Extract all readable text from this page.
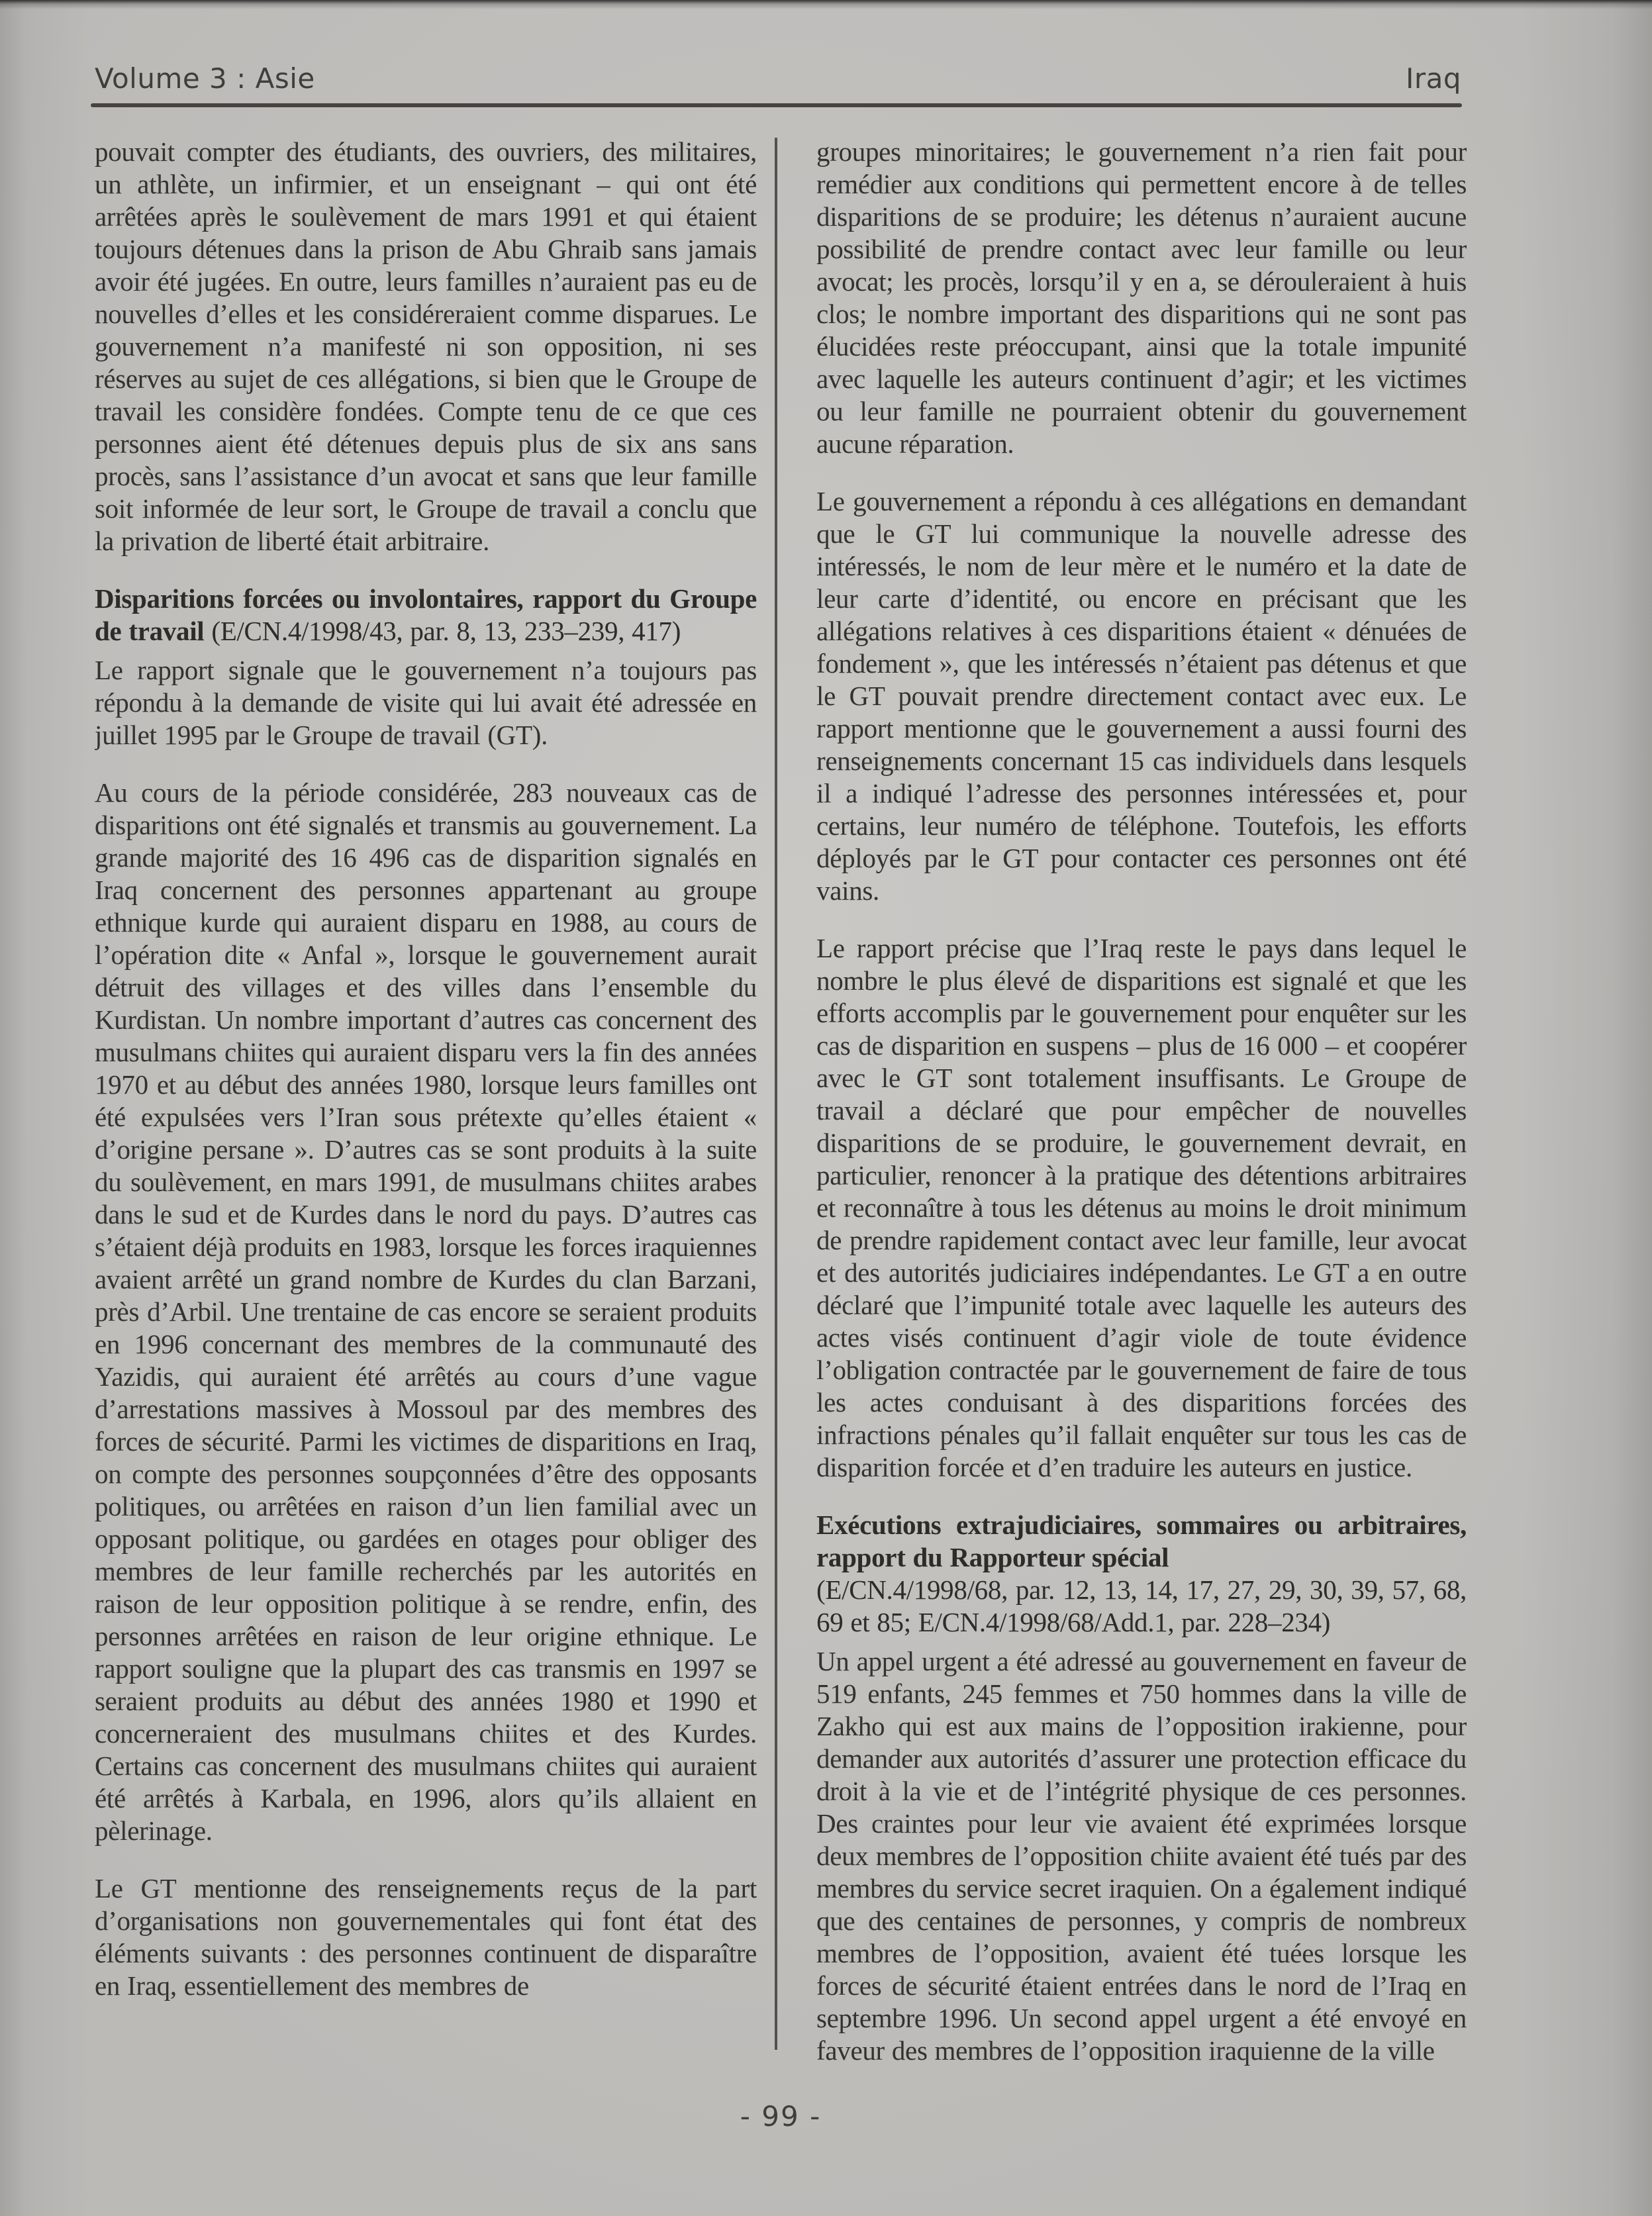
Volume 3 : Asie	Iraq

pouvait compter des étudiants, des ouvriers, des militaires, un athlète, un infirmier, et un enseignant – qui ont été arrêtées après le soulèvement de mars 1991 et qui étaient toujours détenues dans la prison de Abu Ghraib sans jamais avoir été jugées. En outre, leurs familles n’auraient pas eu de nouvelles d’elles et les considéreraient comme disparues. Le gouvernement n’a manifesté ni son opposition, ni ses réserves au sujet de ces allégations, si bien que le Groupe de travail les considère fondées. Compte tenu de ce que ces personnes aient été détenues depuis plus de six ans sans procès, sans l’assistance d’un avocat et sans que leur famille soit informée de leur sort, le Groupe de travail a conclu que la privation de liberté était arbitraire.

Disparitions forcées ou involontaires, rapport du Groupe de travail (E/CN.4/1998/43, par. 8, 13, 233–239, 417)

Le rapport signale que le gouvernement n’a toujours pas répondu à la demande de visite qui lui avait été adressée en juillet 1995 par le Groupe de travail (GT).

Au cours de la période considérée, 283 nouveaux cas de disparitions ont été signalés et transmis au gouvernement. La grande majorité des 16 496 cas de disparition signalés en Iraq concernent des personnes appartenant au groupe ethnique kurde qui auraient disparu en 1988, au cours de l’opération dite « Anfal », lorsque le gouvernement aurait détruit des villages et des villes dans l’ensemble du Kurdistan. Un nombre important d’autres cas concernent des musulmans chiites qui auraient disparu vers la fin des années 1970 et au début des années 1980, lorsque leurs familles ont été expulsées vers l’Iran sous prétexte qu’elles étaient « d’origine persane ». D’autres cas se sont produits à la suite du soulèvement, en mars 1991, de musulmans chiites arabes dans le sud et de Kurdes dans le nord du pays. D’autres cas s’étaient déjà produits en 1983, lorsque les forces iraquiennes avaient arrêté un grand nombre de Kurdes du clan Barzani, près d’Arbil. Une trentaine de cas encore se seraient produits en 1996 concernant des membres de la communauté des Yazidis, qui auraient été arrêtés au cours d’une vague d’arrestations massives à Mossoul par des membres des forces de sécurité. Parmi les victimes de disparitions en Iraq, on compte des personnes soupçonnées d’être des opposants politiques, ou arrêtées en raison d’un lien familial avec un opposant politique, ou gardées en otages pour obliger des membres de leur famille recherchés par les autorités en raison de leur opposition politique à se rendre, enfin, des personnes arrêtées en raison de leur origine ethnique. Le rapport souligne que la plupart des cas transmis en 1997 se seraient produits au début des années 1980 et 1990 et concerneraient des musulmans chiites et des Kurdes. Certains cas concernent des musulmans chiites qui auraient été arrêtés à Karbala, en 1996, alors qu’ils allaient en pèlerinage.

Le GT mentionne des renseignements reçus de la part d’organisations non gouvernementales qui font état des éléments suivants : des personnes continuent de disparaître en Iraq, essentiellement des membres de

groupes minoritaires; le gouvernement n’a rien fait pour remédier aux conditions qui permettent encore à de telles disparitions de se produire; les détenus n’auraient aucune possibilité de prendre contact avec leur famille ou leur avocat; les procès, lorsqu’il y en a, se dérouleraient à huis clos; le nombre important des disparitions qui ne sont pas élucidées reste préoccupant, ainsi que la totale impunité avec laquelle les auteurs continuent d’agir; et les victimes ou leur famille ne pourraient obtenir du gouvernement aucune réparation.

Le gouvernement a répondu à ces allégations en demandant que le GT lui communique la nouvelle adresse des intéressés, le nom de leur mère et le numéro et la date de leur carte d’identité, ou encore en précisant que les allégations relatives à ces disparitions étaient « dénuées de fondement », que les intéressés n’étaient pas détenus et que le GT pouvait prendre directement contact avec eux. Le rapport mentionne que le gouvernement a aussi fourni des renseignements concernant 15 cas individuels dans lesquels il a indiqué l’adresse des personnes intéressées et, pour certains, leur numéro de téléphone. Toutefois, les efforts déployés par le GT pour contacter ces personnes ont été vains.

Le rapport précise que l’Iraq reste le pays dans lequel le nombre le plus élevé de disparitions est signalé et que les efforts accomplis par le gouvernement pour enquêter sur les cas de disparition en suspens – plus de 16 000 – et coopérer avec le GT sont totalement insuffisants. Le Groupe de travail a déclaré que pour empêcher de nouvelles disparitions de se produire, le gouvernement devrait, en particulier, renoncer à la pratique des détentions arbitraires et reconnaître à tous les détenus au moins le droit minimum de prendre rapidement contact avec leur famille, leur avocat et des autorités judiciaires indépendantes. Le GT a en outre déclaré que l’impunité totale avec laquelle les auteurs des actes visés continuent d’agir viole de toute évidence l’obligation contractée par le gouvernement de faire de tous les actes conduisant à des disparitions forcées des infractions pénales qu’il fallait enquêter sur tous les cas de disparition forcée et d’en traduire les auteurs en justice.

Exécutions extrajudiciaires, sommaires ou arbitraires, rapport du Rapporteur spécial
(E/CN.4/1998/68, par. 12, 13, 14, 17, 27, 29, 30, 39, 57, 68, 69 et 85; E/CN.4/1998/68/Add.1, par. 228–234)

Un appel urgent a été adressé au gouvernement en faveur de 519 enfants, 245 femmes et 750 hommes dans la ville de Zakho qui est aux mains de l’opposition irakienne, pour demander aux autorités d’assurer une protection efficace du droit à la vie et de l’intégrité physique de ces personnes. Des craintes pour leur vie avaient été exprimées lorsque deux membres de l’opposition chiite avaient été tués par des membres du service secret iraquien. On a également indiqué que des centaines de personnes, y compris de nombreux membres de l’opposition, avaient été tuées lorsque les forces de sécurité étaient entrées dans le nord de l’Iraq en septembre 1996. Un second appel urgent a été envoyé en faveur des membres de l’opposition iraquienne de la ville

- 99 -
